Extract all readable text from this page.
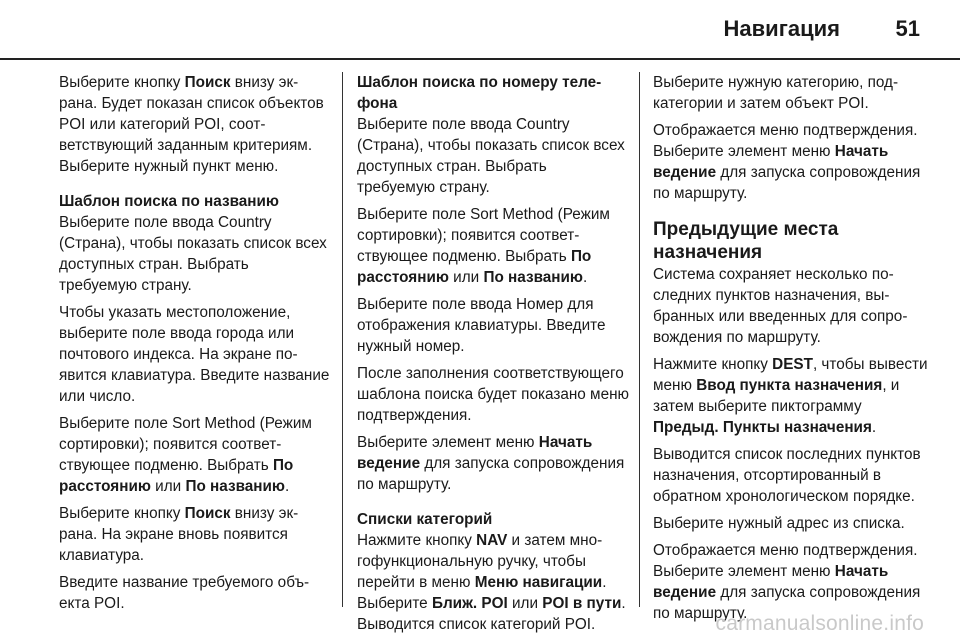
Навигация	51

Выберите кнопку Поиск внизу экрана. Будет показан список объектов POI или категорий POI, соответствующий заданным критериям. Выберите нужный пункт меню.

Шаблон поиска по названию

Выберите поле ввода Country (Страна), чтобы показать список всех доступных стран. Выбрать требуемую страну.

Чтобы указать местоположение, выберите поле ввода города или почтового индекса. На экране появится клавиатура. Введите название или число.

Выберите поле Sort Method (Режим сортировки); появится соответствующее подменю. Выбрать По расстоянию или По названию.

Выберите кнопку Поиск внизу экрана. На экране вновь появится клавиатура.

Введите название требуемого объекта POI.

Шаблон поиска по номеру телефона

Выберите поле ввода Country (Страна), чтобы показать список всех доступных стран. Выбрать требуемую страну.

Выберите поле Sort Method (Режим сортировки); появится соответствующее подменю. Выбрать По расстоянию или По названию.

Выберите поле ввода Номер для отображения клавиатуры. Введите нужный номер.

После заполнения соответствующего шаблона поиска будет показано меню подтверждения.

Выберите элемент меню Начать ведение для запуска сопровождения по маршруту.

Списки категорий

Нажмите кнопку NAV и затем многофункциональную ручку, чтобы перейти в меню Меню навигации. Выберите Ближ. POI или POI в пути. Выводится список категорий POI.

Выберите нужную категорию, подкатегории и затем объект POI.

Отображается меню подтверждения. Выберите элемент меню Начать ведение для запуска сопровождения по маршруту.

Предыдущие места назначения

Система сохраняет несколько последних пунктов назначения, выбранных или введенных для сопровождения по маршруту.

Нажмите кнопку DEST, чтобы вывести меню Ввод пункта назначения, и затем выберите пиктограмму Предыд. Пункты назначения.

Выводится список последних пунктов назначения, отсортированный в обратном хронологическом порядке.

Выберите нужный адрес из списка.

Отображается меню подтверждения. Выберите элемент меню Начать ведение для запуска сопровождения по маршруту.

carmanualsonline.info
